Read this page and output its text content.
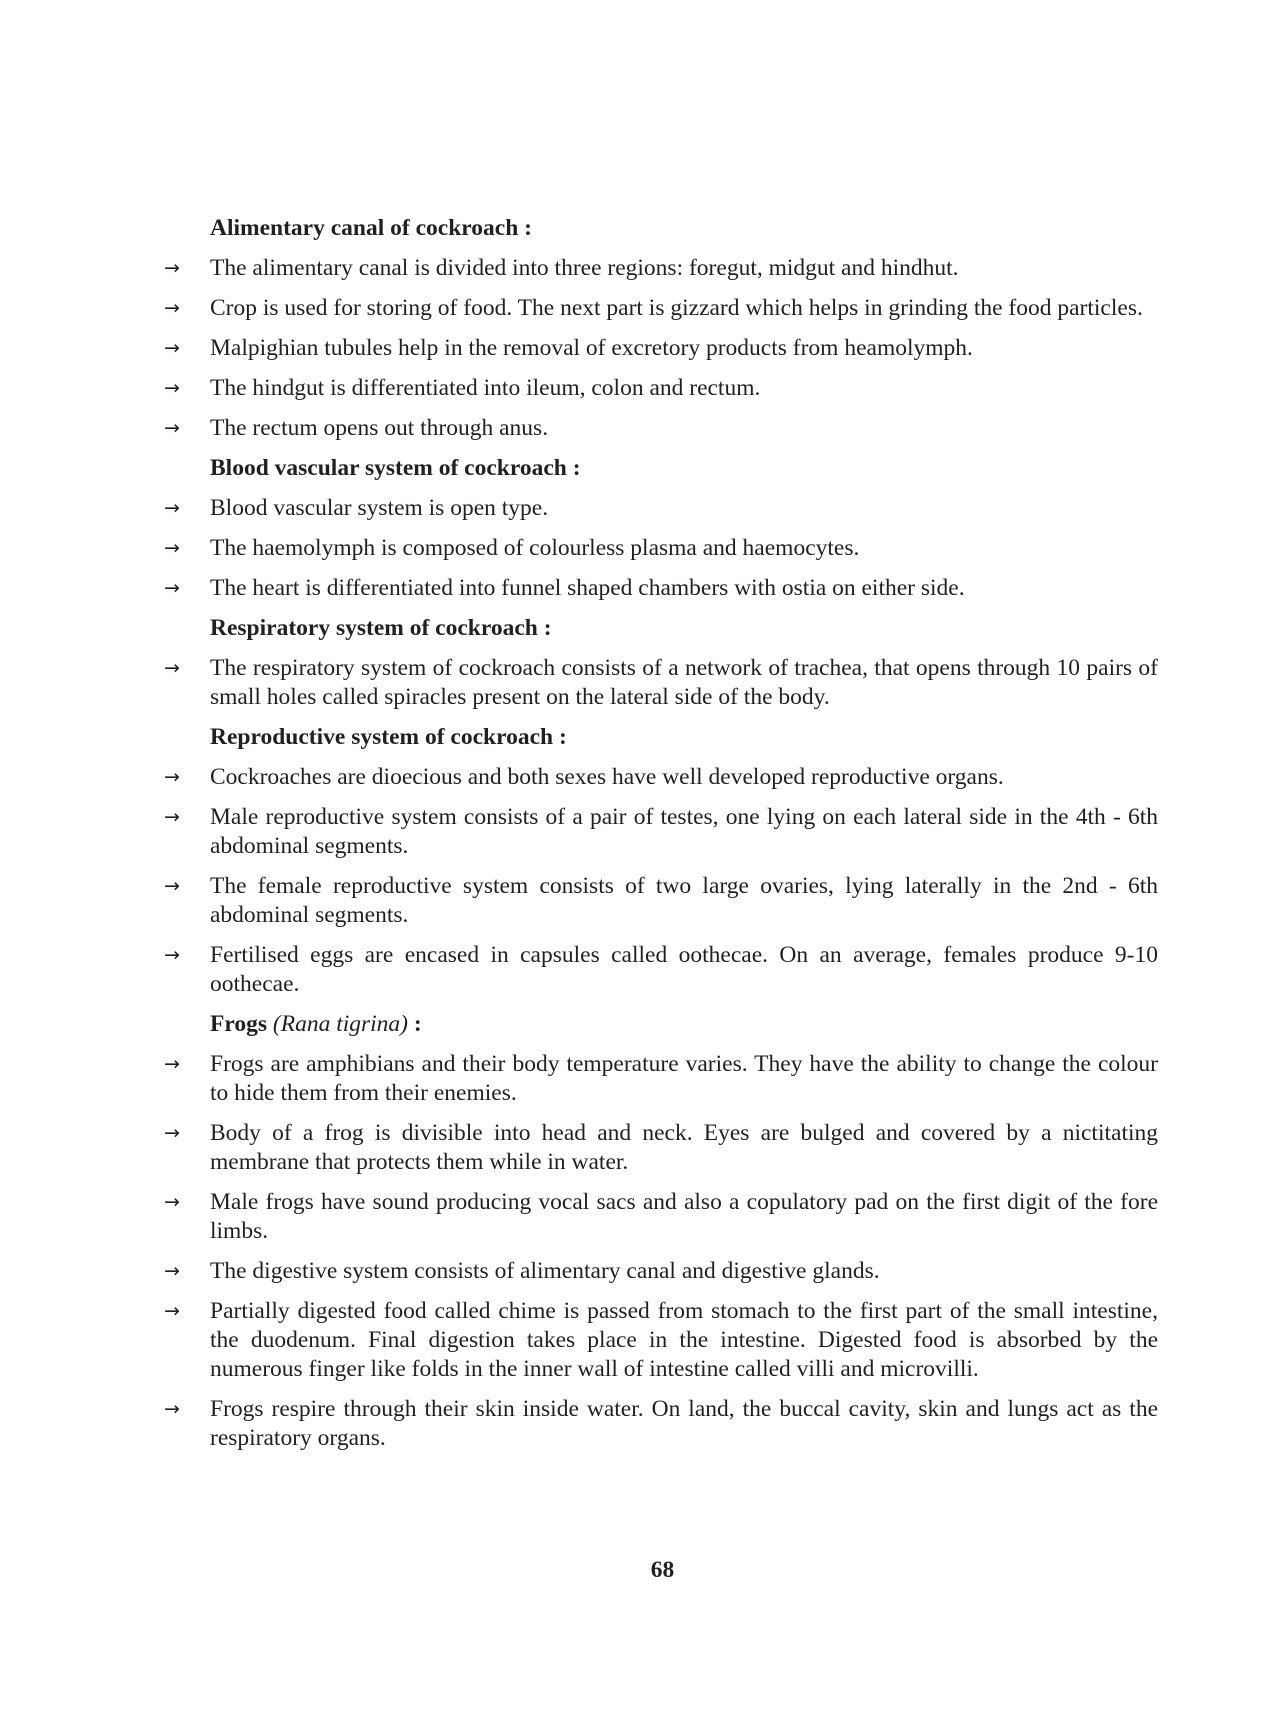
Alimentary canal of cockroach :
→	The alimentary canal is divided into three regions: foregut, midgut and hindhut.
→	Crop is used for storing of food. The next part is gizzard which helps in grinding the food particles.
→	Malpighian tubules help in the removal of excretory products from heamolymph.
→	The hindgut is differentiated into ileum, colon and rectum.
→	The rectum opens out through anus.
Blood vascular system of cockroach :
→	Blood vascular system is open type.
→	The haemolymph is composed of colourless plasma and haemocytes.
→	The heart is differentiated into funnel shaped chambers with ostia on either side.
Respiratory system of cockroach :
→	The respiratory system of cockroach consists of a network of trachea, that opens through 10 pairs of small holes called spiracles present on the lateral side of the body.
Reproductive system of cockroach :
→	Cockroaches are dioecious and both sexes have well developed reproductive organs.
→	Male reproductive system consists of a pair of testes, one lying on each lateral side in the 4th - 6th abdominal segments.
→	The female reproductive system consists of two large ovaries, lying laterally in the 2nd - 6th abdominal segments.
→	Fertilised eggs are encased in capsules called oothecae. On an average, females produce 9-10 oothecae.
Frogs (Rana tigrina) :
→	Frogs are amphibians and their body temperature varies. They have the ability to change the colour to hide them from their enemies.
→	Body of a frog is divisible into head and neck. Eyes are bulged and covered by a nictitating membrane that protects them while in water.
→	Male frogs have sound producing vocal sacs and also a copulatory pad on the first digit of the fore limbs.
→	The digestive system consists of alimentary canal and digestive glands.
→	Partially digested food called chime is passed from stomach to the first part of the small intestine, the duodenum. Final digestion takes place in the intestine. Digested food is absorbed by the numerous finger like folds in the inner wall of intestine called villi and microvilli.
→	Frogs respire through their skin inside water. On land, the buccal cavity, skin and lungs act as the respiratory organs.
68
